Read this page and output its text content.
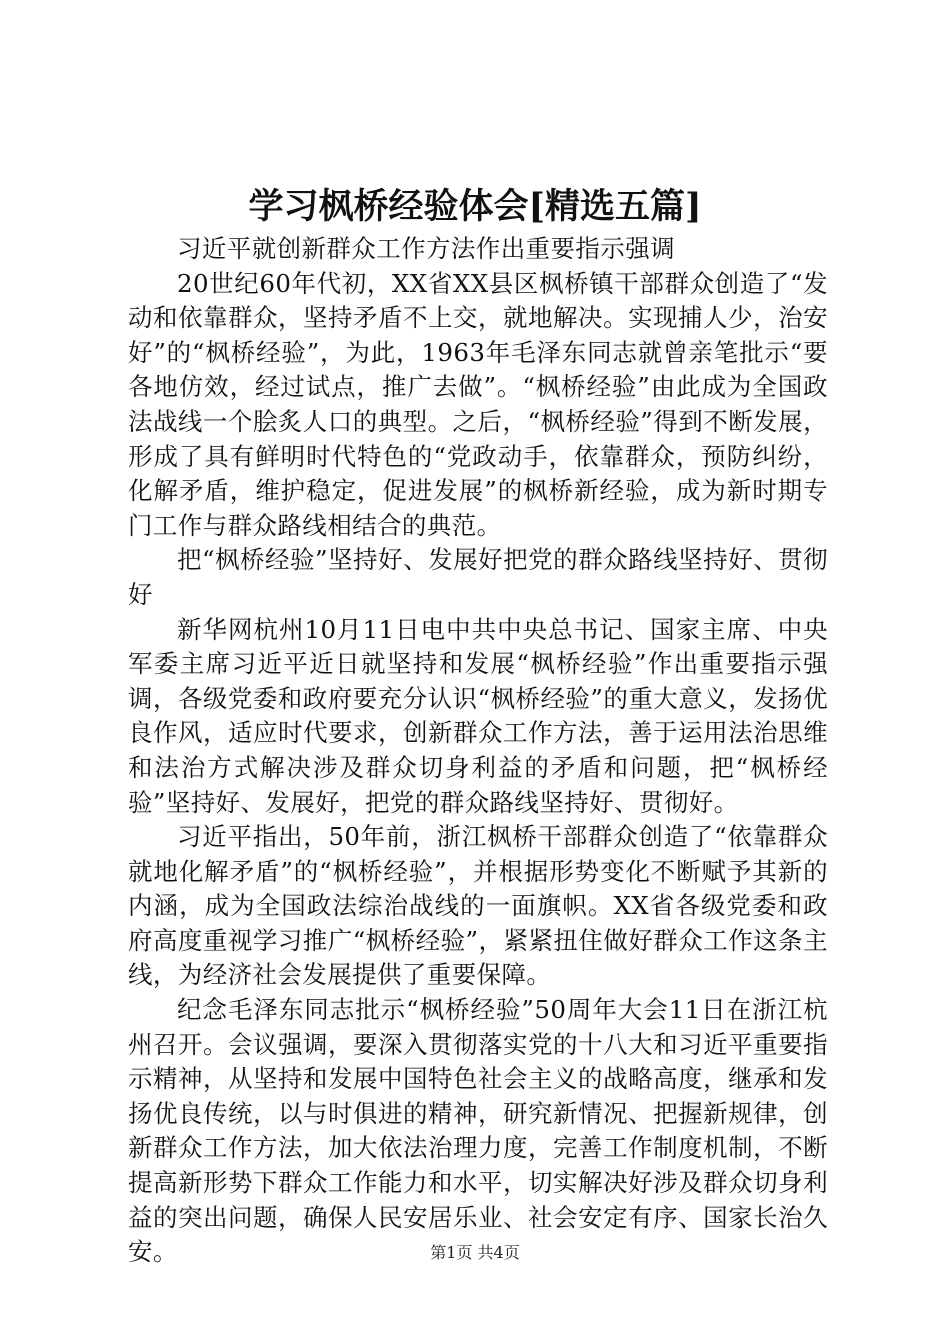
学习枫桥经验体会[精选五篇]

习近平就创新群众工作方法作出重要指示强调

20世纪60年代初，XX省XX县区枫桥镇干部群众创造了“发动和依靠群众，坚持矛盾不上交，就地解决。实现捕人少，治安好”的“枫桥经验”，为此，1963年毛泽东同志就曾亲笔批示“要各地仿效，经过试点，推广去做”。“枫桥经验”由此成为全国政法战线一个脍炙人口的典型。之后，“枫桥经验”得到不断发展，形成了具有鲜明时代特色的“党政动手，依靠群众，预防纠纷，化解矛盾，维护稳定，促进发展”的枫桥新经验，成为新时期专门工作与群众路线相结合的典范。

把“枫桥经验”坚持好、发展好把党的群众路线坚持好、贯彻好

新华网杭州10月11日电中共中央总书记、国家主席、中央军委主席习近平近日就坚持和发展“枫桥经验”作出重要指示强调，各级党委和政府要充分认识“枫桥经验”的重大意义，发扬优良作风，适应时代要求，创新群众工作方法，善于运用法治思维和法治方式解决涉及群众切身利益的矛盾和问题，把“枫桥经验”坚持好、发展好，把党的群众路线坚持好、贯彻好。

习近平指出，50年前，浙江枫桥干部群众创造了“依靠群众就地化解矛盾”的“枫桥经验”，并根据形势变化不断赋予其新的内涵，成为全国政法综治战线的一面旗帜。XX省各级党委和政府高度重视学习推广“枫桥经验”，紧紧扭住做好群众工作这条主线，为经济社会发展提供了重要保障。

纪念毛泽东同志批示“枫桥经验”50周年大会11日在浙江杭州召开。会议强调，要深入贯彻落实党的十八大和习近平重要指示精神，从坚持和发展中国特色社会主义的战略高度，继承和发扬优良传统，以与时俱进的精神，研究新情况、把握新规律，创新群众工作方法，加大依法治理力度，完善工作制度机制，不断提高新形势下群众工作能力和水平，切实解决好涉及群众切身利益的突出问题，确保人民安居乐业、社会安定有序、国家长治久安。	第1页 共4页
